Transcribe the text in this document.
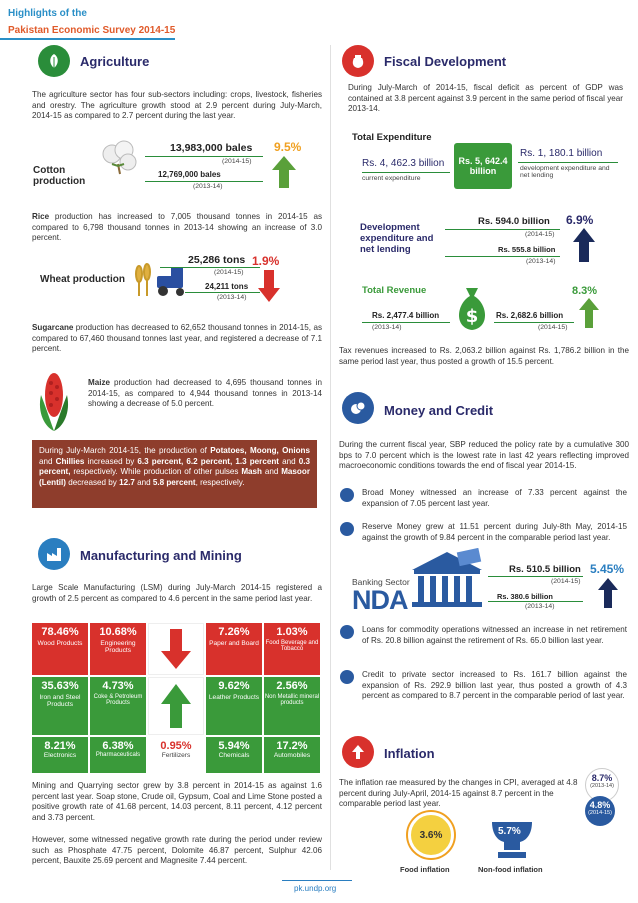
Highlights of the
Pakistan Economic Survey 2014-15
Agriculture
The agriculture sector has four sub-sectors including: crops, livestock, fisheries and orestry. The agriculture growth stood at 2.9 percent during July-March, 2014-15 as compared to 2.7 percent during the last year.
Cotton production
13,983,000 bales
(2014-15)
12,769,000 bales
(2013-14)
9.5%
Rice production has increased to 7,005 thousand tonnes in 2014-15 as compared to 6,798 thousand tonnes in 2013-14 showing an increase of 3.0 percent.
Wheat production
25,286 tons
(2014-15)
24,211 tons
(2013-14)
1.9%
Sugarcane production has decreased to 62,652 thousand tonnes in 2014-15, as compared to 67,460 thousand tonnes last year, and registered a decrease of 7.1 percent.
Maize production had decreased to 4,695 thousand tonnes in 2014-15, as compared to 4,944 thousand tonnes in 2013-14 showing a decrease of 5.0 percent.
During July-March 2014-15, the production of Potatoes, Moong, Onions and Chillies increased by 6.3 percent, 6.2 percent, 1.3 percent and 0.3 percent, respectively. While production of other pulses Mash and Masoor (Lentil) decreased by 12.7 and 5.8 percent, respectively.
Manufacturing and Mining
Large Scale Manufacturing (LSM) during July-March 2014-15 registered a growth of 2.5 percent as compared to 4.6 percent in the same period last year.
78.46%
Wood Products
10.68%
Engineering Products
7.26%
Paper and Board
1.03%
Food Beverage and Tobacco
35.63%
Iron and Steel Products
4.73%
Coke & Petroleum Products
9.62%
Leather Products
2.56%
Non Metallic mineral products
8.21%
Electronics
6.38%
Pharmaceuticals
0.95%
Fertilizers
5.94%
Chemicals
17.2%
Automobiles
Mining and Quarrying sector grew by 3.8 percent in 2014-15 as against 1.6 percent last year. Soap stone, Crude oil, Gypsum, Coal and Lime Stone posted a positive growth rate of 41.68 percent, 14.03 percent, 8.11 percent, 4.12 percent and 3.73 percent.
However, some witnessed negative growth rate during the period under review such as Phosphate 47.75 percent, Dolomite 46.87 percent, Sulphur 42.06 percent, Bauxite 25.69 percent and Magnesite 7.44 percent.
Fiscal Development
During July-March of 2014-15, fiscal deficit as percent of GDP was contained at 3.8 percent against 3.9 percent in the same period of fiscal year 2013-14.
Total Expenditure
Rs. 4, 462.3 billion
current expenditure
Rs. 5, 642.4 billion
Rs. 1, 180.1 billion
development expenditure and net lending
Development expenditure and net lending
Rs. 594.0 billion
(2014-15)
Rs. 555.8 billion
(2013-14)
6.9%
Total Revenue
$
8.3%
Rs. 2,477.4 billion
(2013-14)
Rs. 2,682.6 billion
(2014-15)
Tax revenues increased to Rs. 2,063.2 billion against Rs. 1,786.2 billion in the same period last year, thus posted a growth of 15.5 percent.
Money and Credit
During the current fiscal year, SBP reduced the policy rate by a cumulative 300 bps to 7.0 percent which is the lowest rate in last 42 years reflecting improved macroeconomic conditions towards the end of fiscal year 2014-15.
Broad Money witnessed an increase of 7.33 percent against the expansion of 7.05 percent last year.
Reserve Money grew at 11.51 percent during July-8th May, 2014-15 against the growth of 9.84 percent in the comparable period last year.
Banking Sector
NDA
Rs. 510.5 billion
(2014-15)
Rs. 380.6 billion
(2013-14)
5.45%
Loans for commodity operations witnessed an increase in net retirement of Rs. 20.8 billion against the retirement of Rs. 65.0 billion last year.
Credit to private sector increased to Rs. 161.7 billion against the expansion of Rs. 292.9 billion last year, thus posted a growth of 4.3 percent as compared to 8.7 percent in the comparable period of last year.
Inflation
The inflation rae measured by the changes in CPI, averaged at 4.8 percent during July-April, 2014-15 against 8.7 percent in the comparable period last year.
8.7%
(2013-14)
4.8%
(2014-15)
3.6%
Food inflation
5.7%
Non-food inflation
pk.undp.org
